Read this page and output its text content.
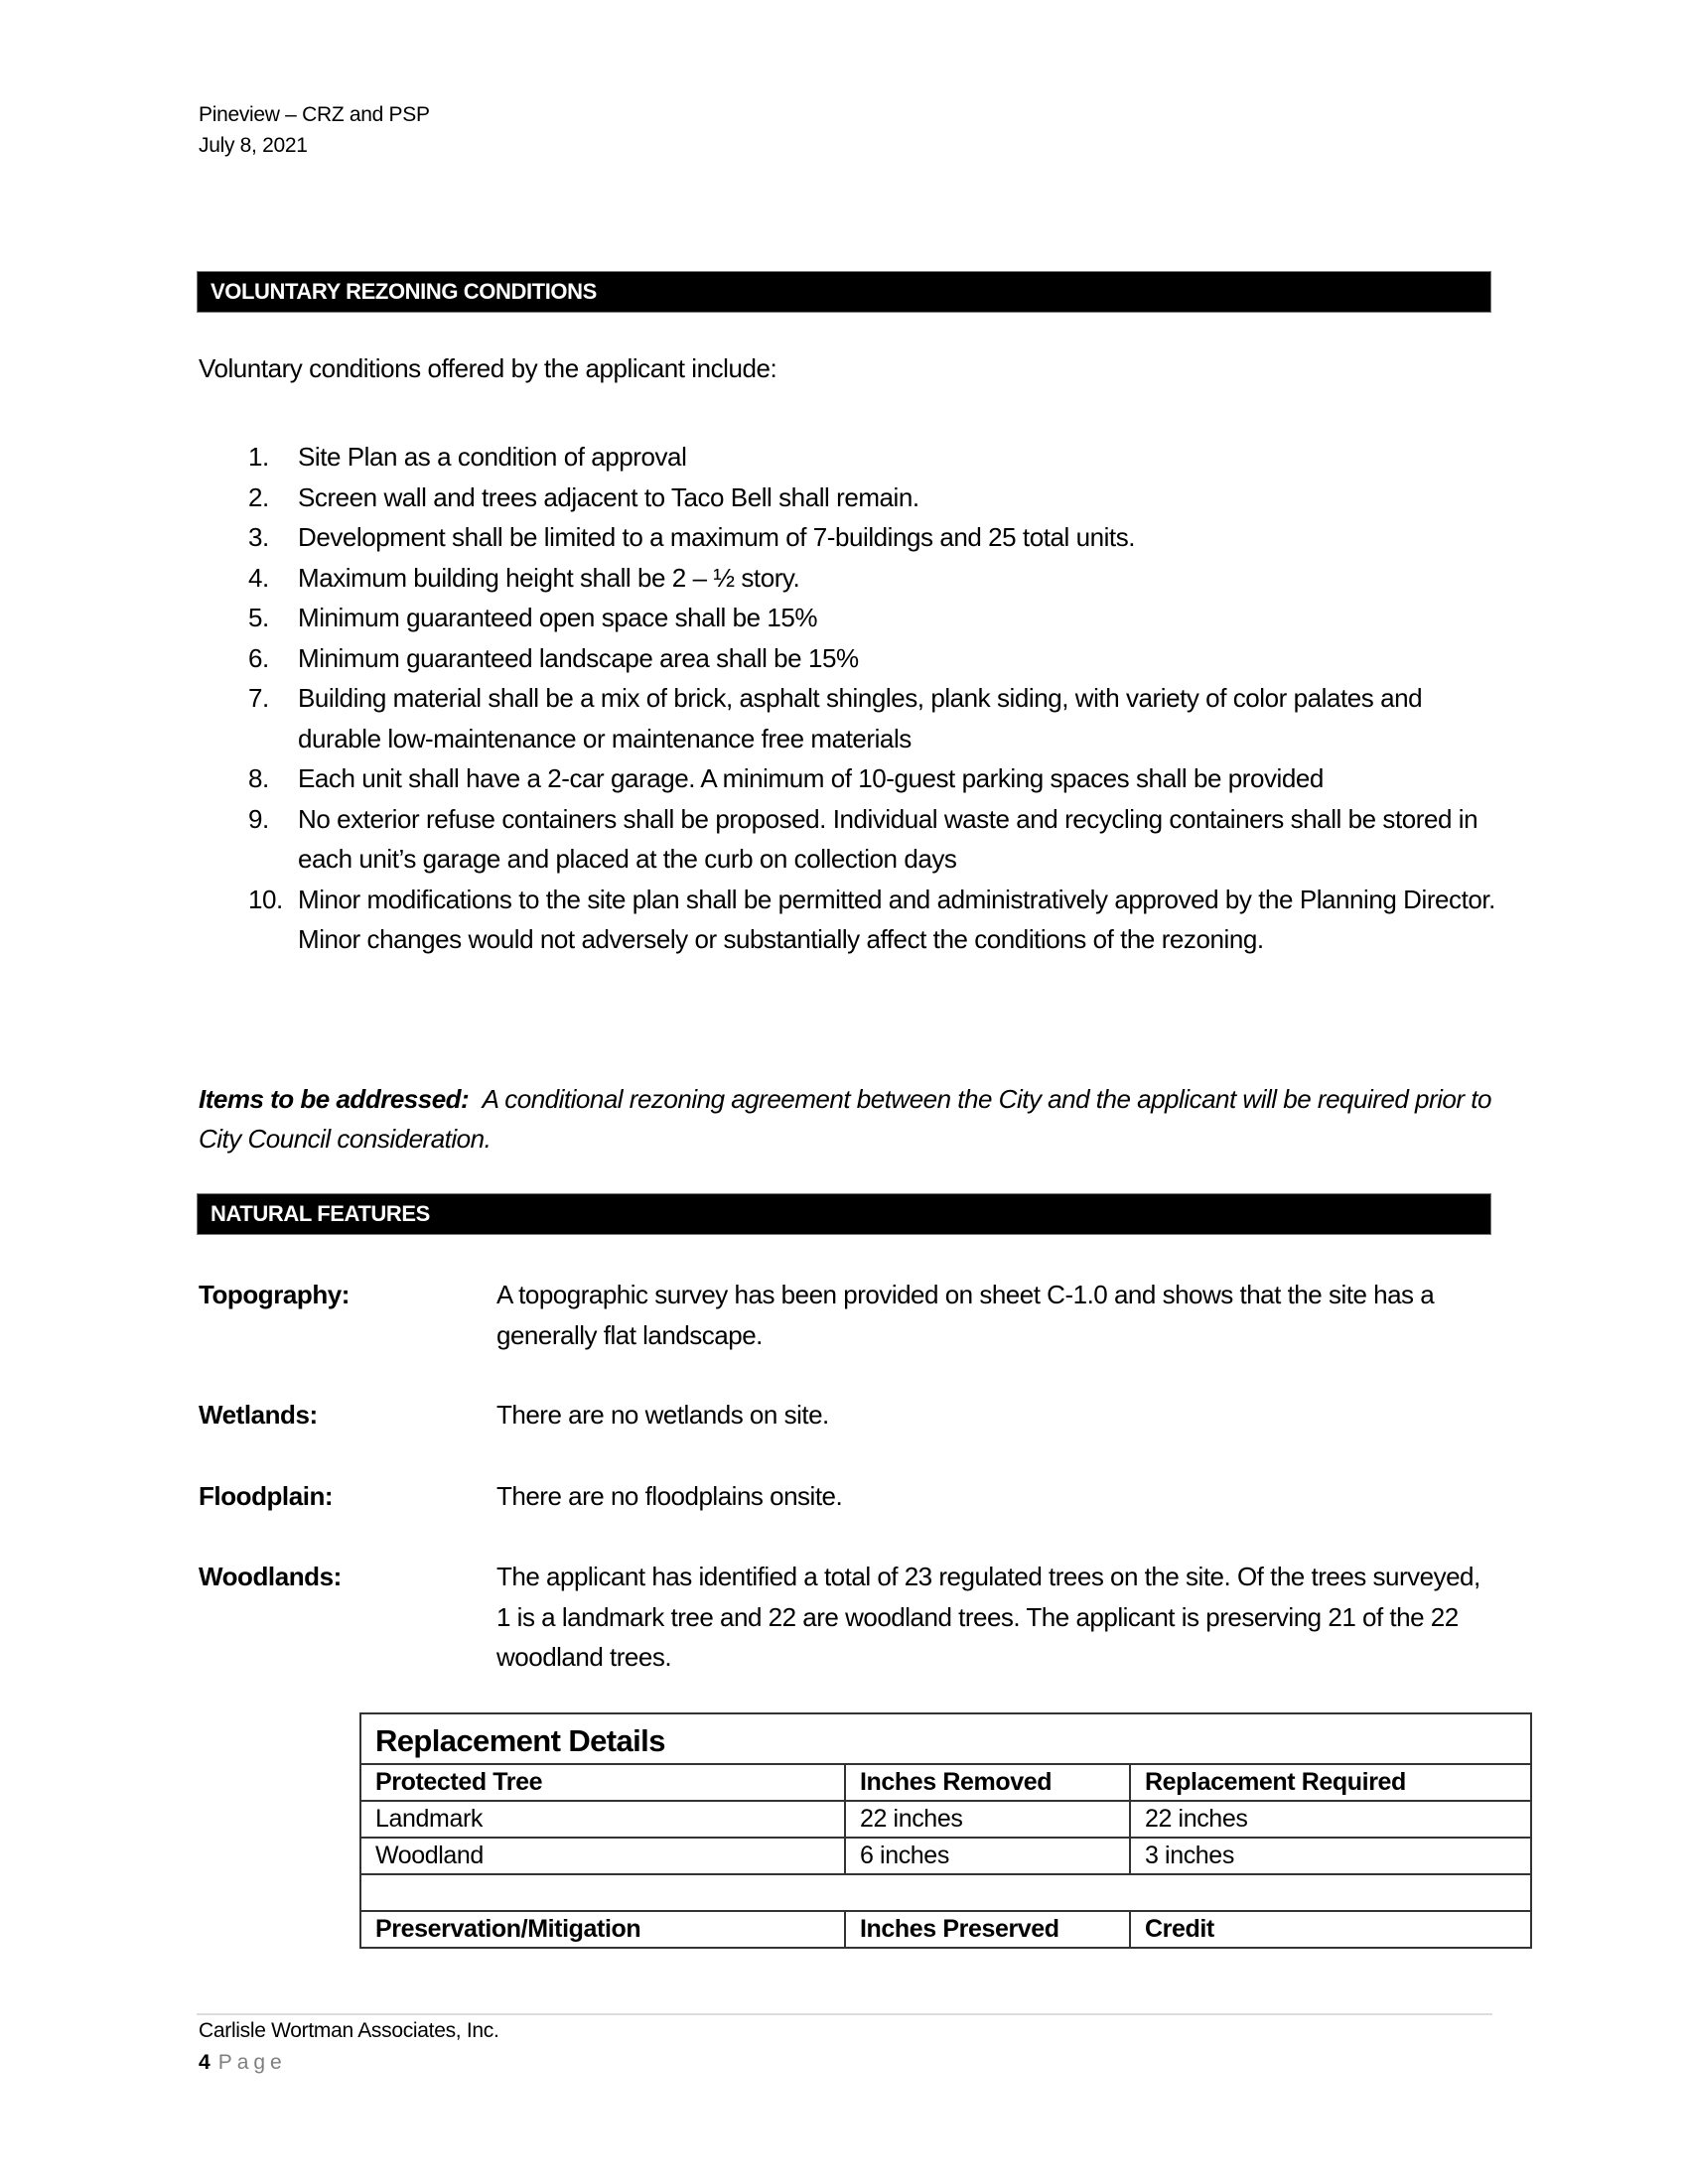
Pineview – CRZ and PSP
July 8, 2021
VOLUNTARY REZONING CONDITIONS
Voluntary conditions offered by the applicant include:
1. Site Plan as a condition of approval
2. Screen wall and trees adjacent to Taco Bell shall remain.
3. Development shall be limited to a maximum of 7-buildings and 25 total units.
4. Maximum building height shall be 2 – ½ story.
5. Minimum guaranteed open space shall be 15%
6. Minimum guaranteed landscape area shall be 15%
7. Building material shall be a mix of brick, asphalt shingles, plank siding, with variety of color palates and durable low-maintenance or maintenance free materials
8. Each unit shall have a 2-car garage. A minimum of 10-guest parking spaces shall be provided
9. No exterior refuse containers shall be proposed. Individual waste and recycling containers shall be stored in each unit’s garage and placed at the curb on collection days
10. Minor modifications to the site plan shall be permitted and administratively approved by the Planning Director. Minor changes would not adversely or substantially affect the conditions of the rezoning.
Items to be addressed: A conditional rezoning agreement between the City and the applicant will be required prior to City Council consideration.
NATURAL FEATURES
Topography:	A topographic survey has been provided on sheet C-1.0 and shows that the site has a generally flat landscape.
Wetlands:	There are no wetlands on site.
Floodplain:	There are no floodplains onsite.
Woodlands:	The applicant has identified a total of 23 regulated trees on the site. Of the trees surveyed, 1 is a landmark tree and 22 are woodland trees. The applicant is preserving 21 of the 22 woodland trees.
Replacement Details		
Protected Tree	Inches Removed	Replacement Required
Landmark	22 inches	22 inches
Woodland	6 inches	3 inches

Preservation/Mitigation	Inches Preserved	Credit
Carlisle Wortman Associates, Inc.
4 Page
